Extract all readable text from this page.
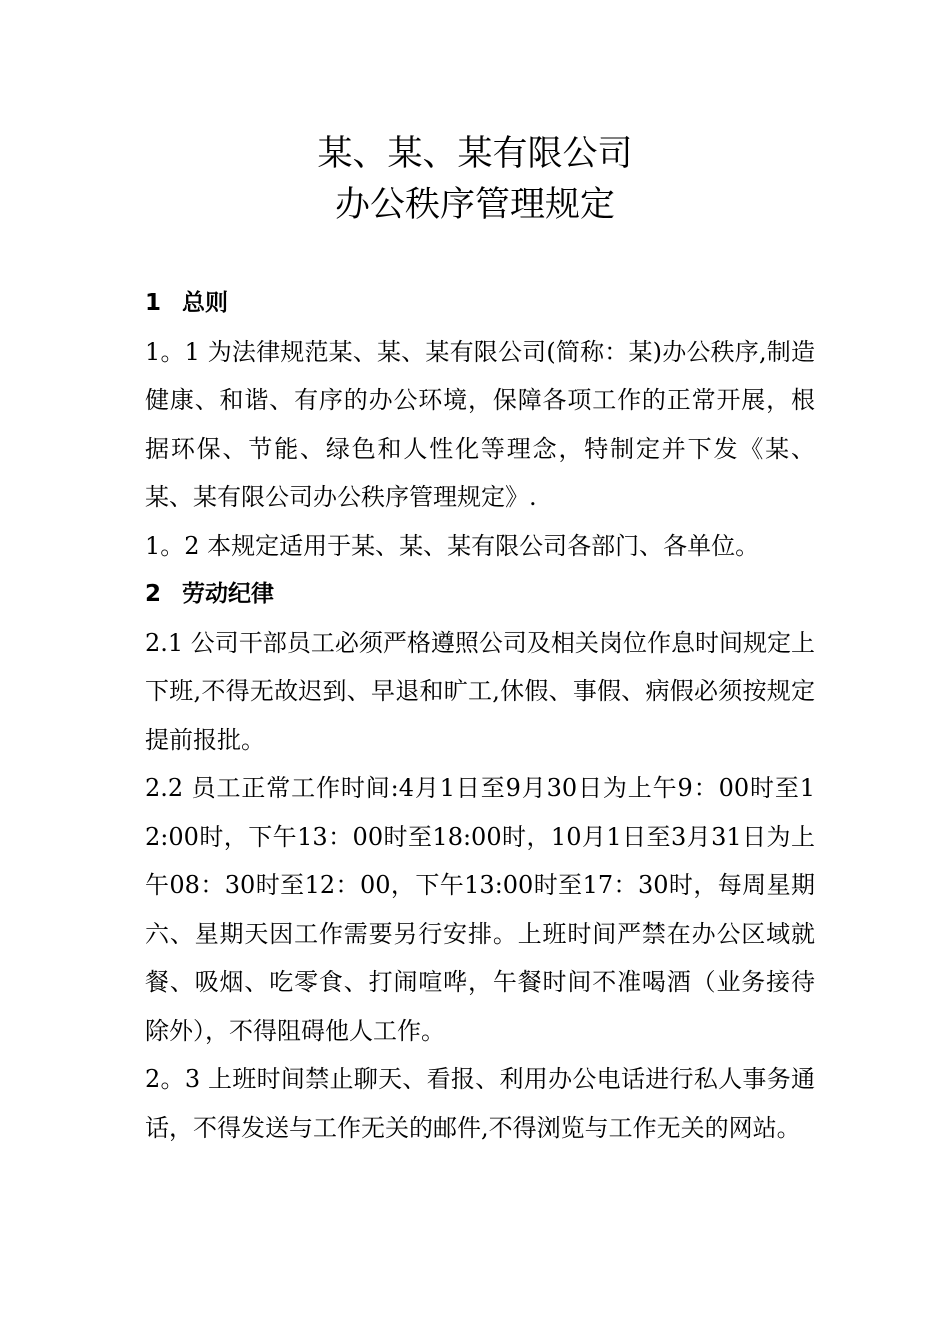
某、某、某有限公司
办公秩序管理规定
1 总则

1。1 为法律规范某、某、某有限公司(简称：某)办公秩序,制造健康、和谐、有序的办公环境，保障各项工作的正常开展，根据环保、节能、绿色和人性化等理念，特制定并下发《某、某、某有限公司办公秩序管理规定》.

1。2 本规定适用于某、某、某有限公司各部门、各单位。

2 劳动纪律

2.1 公司干部员工必须严格遵照公司及相关岗位作息时间规定上下班,不得无故迟到、早退和旷工,休假、事假、病假必须按规定提前报批。

2.2 员工正常工作时间:4月1日至9月30日为上午9：00时至12:00时，下午13：00时至18:00时，10月1日至3月31日为上午08：30时至12：00，下午13:00时至17：30时，每周星期六、星期天因工作需要另行安排。上班时间严禁在办公区域就餐、吸烟、吃零食、打闹喧哗，午餐时间不准喝酒（业务接待除外），不得阻碍他人工作。

2。3 上班时间禁止聊天、看报、利用办公电话进行私人事务通话，不得发送与工作无关的邮件,不得浏览与工作无关的网站。
